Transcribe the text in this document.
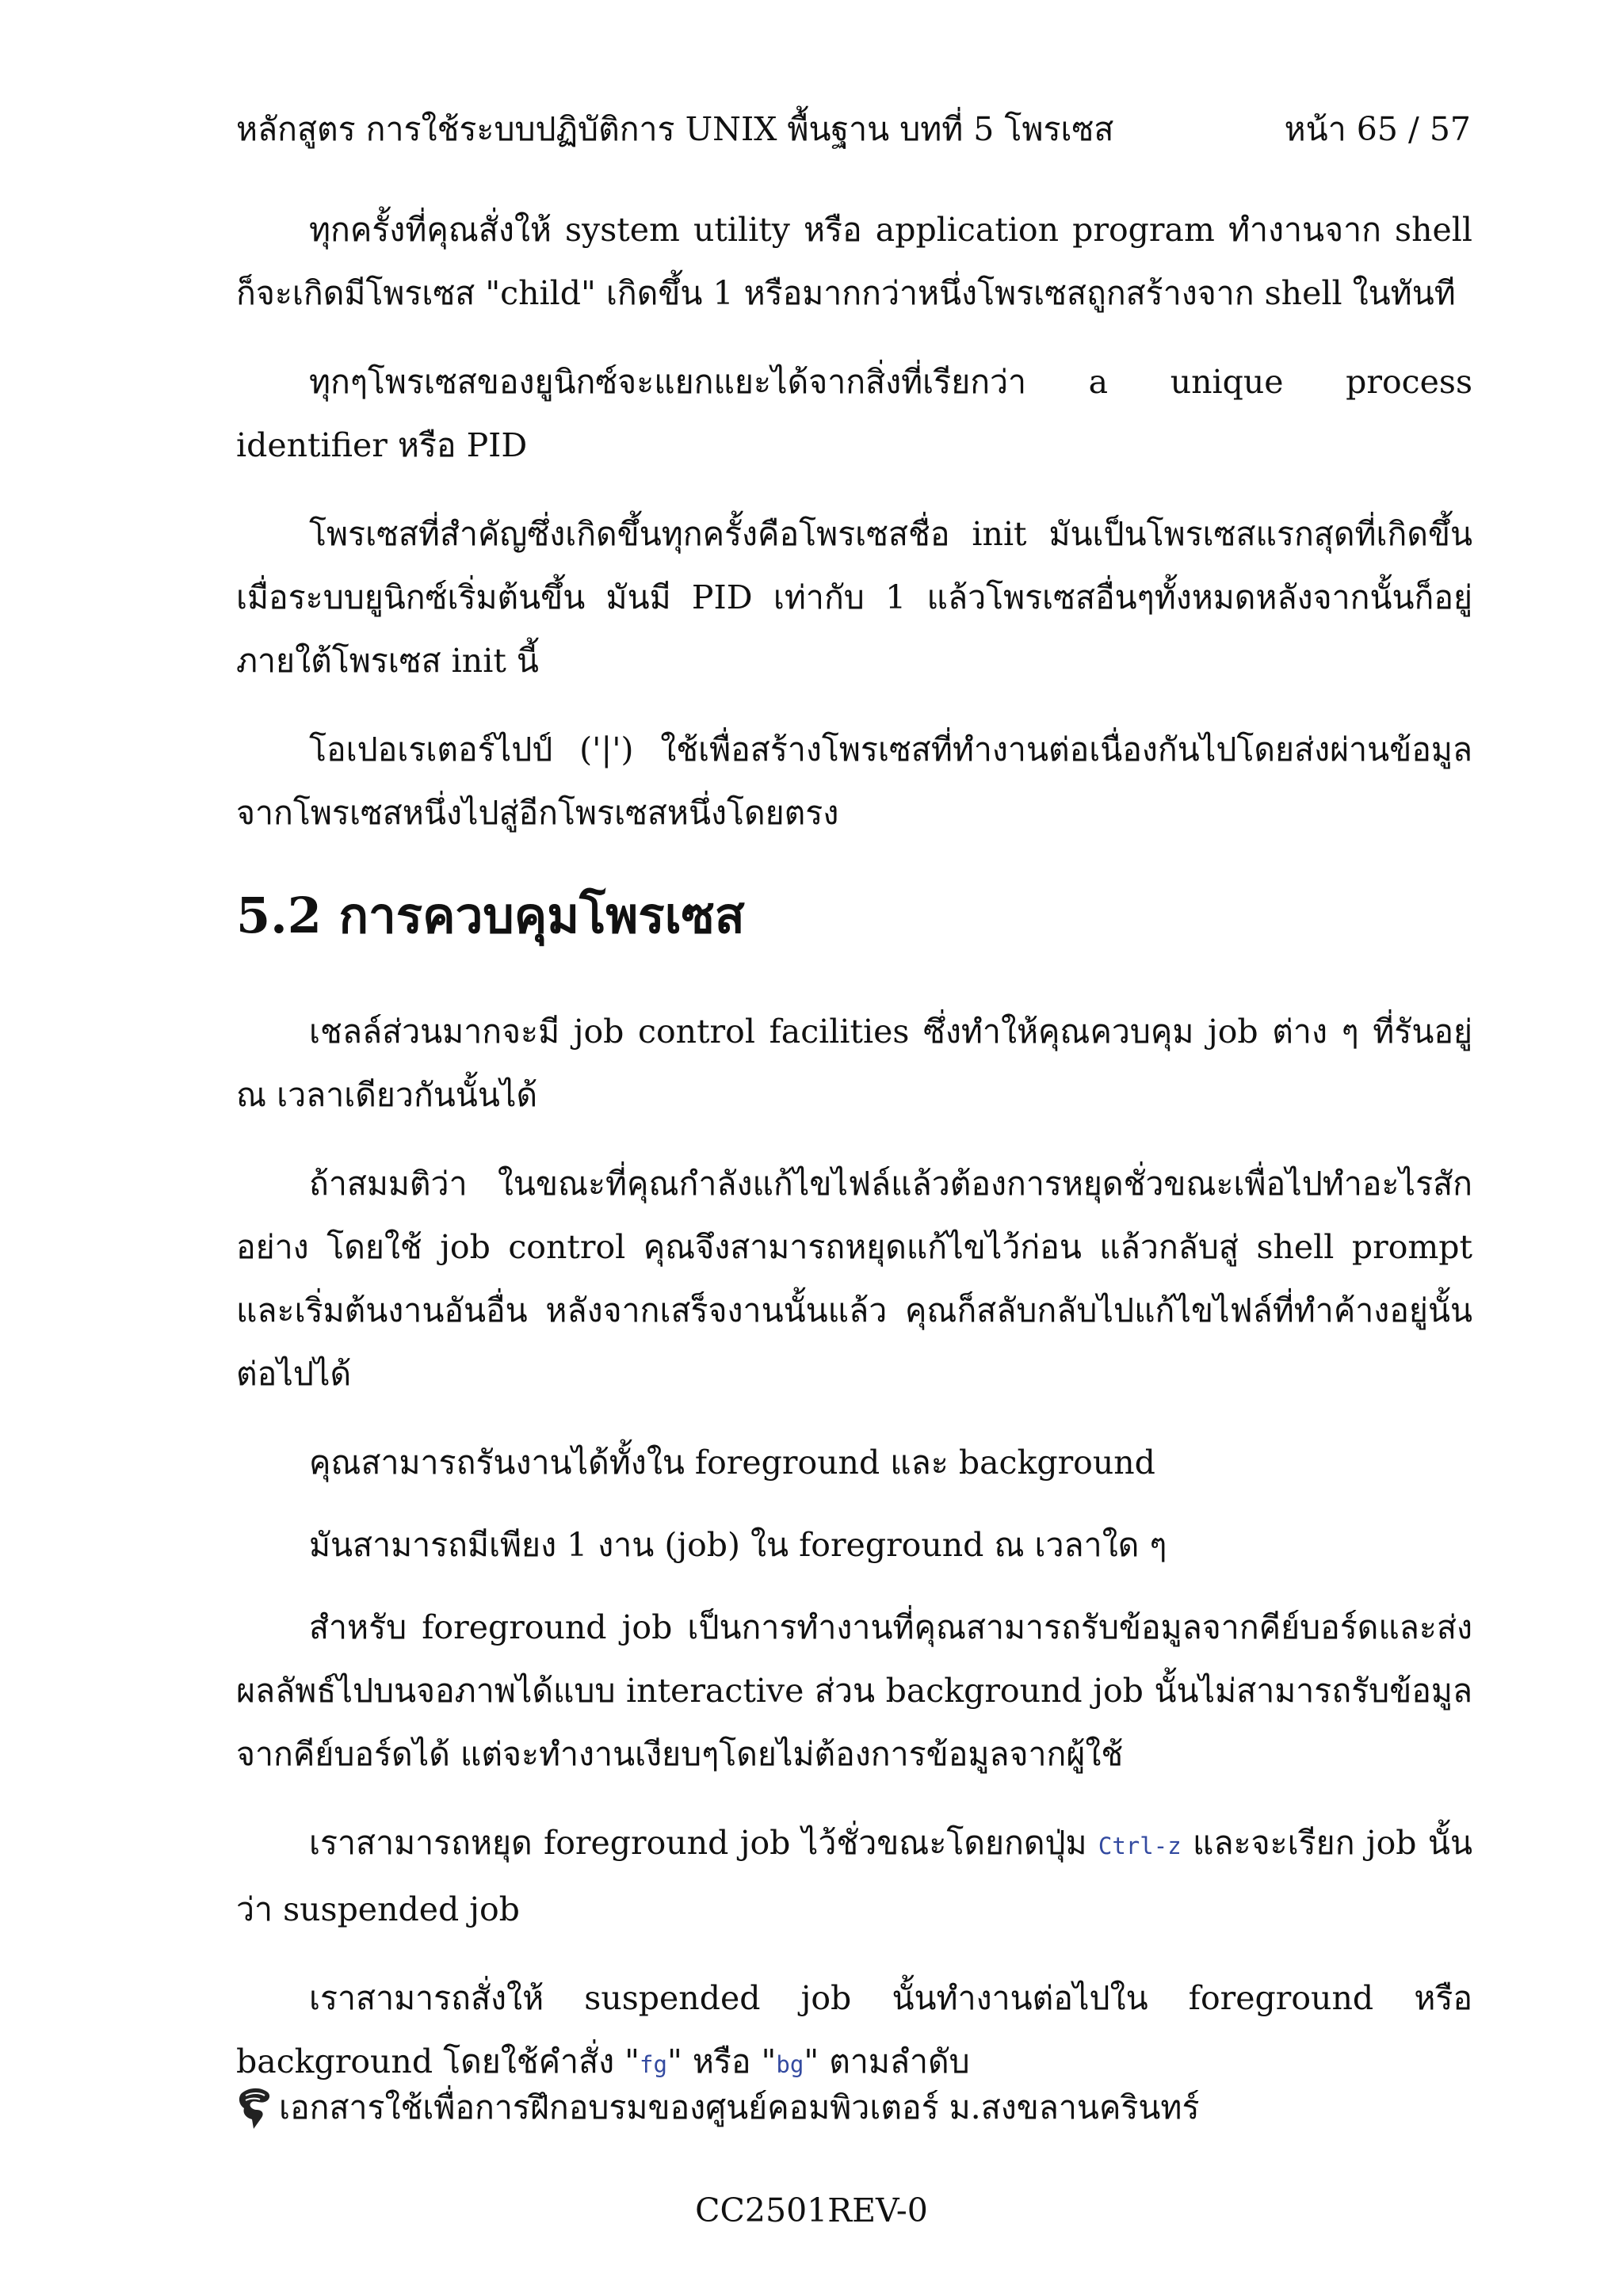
หลักสูตร การใช้ระบบปฏิบัติการ UNIX พื้นฐาน บทที่ 5 โพรเซส	หน้า 65 / 57

ทุกครั้งที่คุณสั่งให้ system utility หรือ application program ทำงานจาก shell ก็จะเกิดมีโพรเซส "child" เกิดขึ้น 1 หรือมากกว่าหนึ่งโพรเซสถูกสร้างจาก shell ในทันที

ทุกๆโพรเซสของยูนิกซ์จะแยกแยะได้จากสิ่งที่เรียกว่า a unique process identifier หรือ PID

โพรเซสที่สำคัญซึ่งเกิดขึ้นทุกครั้งคือโพรเซสชื่อ init มันเป็นโพรเซสแรกสุดที่เกิดขึ้นเมื่อระบบยูนิกซ์เริ่มต้นขึ้น มันมี PID เท่ากับ 1 แล้วโพรเซสอื่นๆทั้งหมดหลังจากนั้นก็อยู่ภายใต้โพรเซส init นี้

โอเปอเรเตอร์ไปป์ ('|') ใช้เพื่อสร้างโพรเซสที่ทำงานต่อเนื่องกันไปโดยส่งผ่านข้อมูลจากโพรเซสหนึ่งไปสู่อีกโพรเซสหนึ่งโดยตรง

5.2 การควบคุมโพรเซส

เชลล์ส่วนมากจะมี job control facilities ซึ่งทำให้คุณควบคุม job ต่าง ๆ ที่รันอยู่ ณ เวลาเดียวกันนั้นได้

ถ้าสมมติว่า ในขณะที่คุณกำลังแก้ไขไฟล์แล้วต้องการหยุดชั่วขณะเพื่อไปทำอะไรสักอย่าง โดยใช้ job control คุณจึงสามารถหยุดแก้ไขไว้ก่อน แล้วกลับสู่ shell prompt และเริ่มต้นงานอันอื่น หลังจากเสร็จงานนั้นแล้ว คุณก็สลับกลับไปแก้ไขไฟล์ที่ทำค้างอยู่นั้นต่อไปได้

คุณสามารถรันงานได้ทั้งใน foreground และ background

มันสามารถมีเพียง 1 งาน (job) ใน foreground ณ เวลาใด ๆ

สำหรับ foreground job เป็นการทำงานที่คุณสามารถรับข้อมูลจากคีย์บอร์ดและส่งผลลัพธ์ไปบนจอภาพได้แบบ interactive ส่วน background job นั้นไม่สามารถรับข้อมูลจากคีย์บอร์ดได้ แต่จะทำงานเงียบๆโดยไม่ต้องการข้อมูลจากผู้ใช้

เราสามารถหยุด foreground job ไว้ชั่วขณะโดยกดปุ่ม Ctrl-z และจะเรียก job นั้นว่า suspended job

เราสามารถสั่งให้ suspended job นั้นทำงานต่อไปใน foreground หรือ background โดยใช้คำสั่ง "fg" หรือ "bg" ตามลำดับ

เอกสารใช้เพื่อการฝึกอบรมของศูนย์คอมพิวเตอร์ ม.สงขลานครินทร์
CC2501REV-0
